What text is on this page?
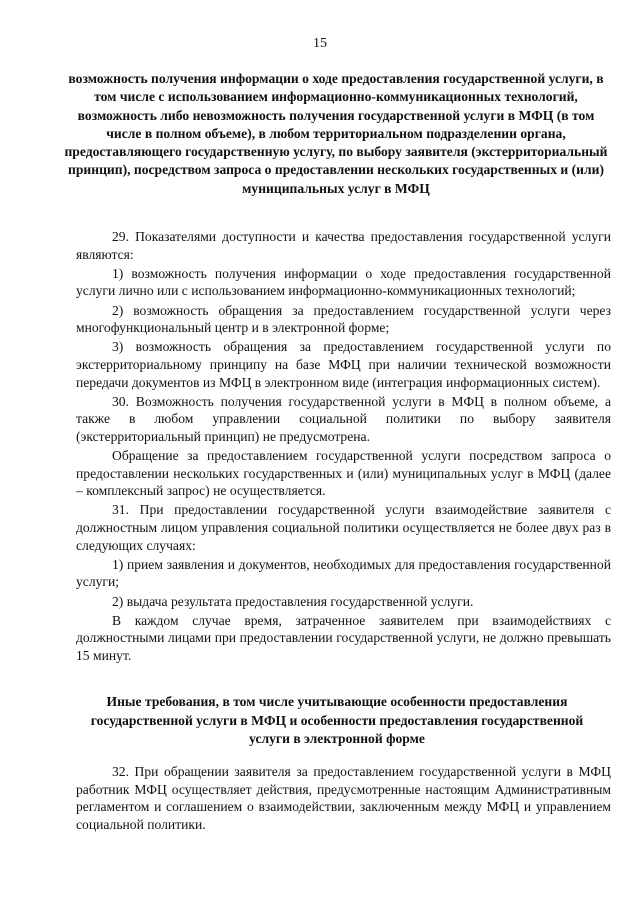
15
возможность получения информации о ходе предоставления государственной услуги, в том числе с использованием информационно-коммуникационных технологий, возможность либо невозможность получения государственной услуги в МФЦ (в том числе в полном объеме), в любом территориальном подразделении органа, предоставляющего государственную услугу, по выбору заявителя (экстерриториальный принцип), посредством запроса о предоставлении нескольких государственных и (или) муниципальных услуг в МФЦ

29. Показателями доступности и качества предоставления государственной услуги являются:

1) возможность получения информации о ходе предоставления государственной услуги лично или с использованием информационно-коммуникационных технологий;

2) возможность обращения за предоставлением государственной услуги через многофункциональный центр и в электронной форме;

3) возможность обращения за предоставлением государственной услуги по экстерриториальному принципу на базе МФЦ при наличии технической возможности передачи документов из МФЦ в электронном виде (интеграция информационных систем).

30. Возможность получения государственной услуги в МФЦ в полном объеме, а также в любом управлении социальной политики по выбору заявителя (экстерриториальный принцип) не предусмотрена.

Обращение за предоставлением государственной услуги посредством запроса о предоставлении нескольких государственных и (или) муниципальных услуг в МФЦ (далее – комплексный запрос) не осуществляется.

31. При предоставлении государственной услуги взаимодействие заявителя с должностным лицом управления социальной политики осуществляется не более двух раз в следующих случаях:

1) прием заявления и документов, необходимых для предоставления государственной услуги;

2) выдача результата предоставления государственной услуги.

В каждом случае время, затраченное заявителем при взаимодействиях с должностными лицами при предоставлении государственной услуги, не должно превышать 15 минут.

Иные требования, в том числе учитывающие особенности предоставления государственной услуги в МФЦ и особенности предоставления государственной услуги в электронной форме

32. При обращении заявителя за предоставлением государственной услуги в МФЦ работник МФЦ осуществляет действия, предусмотренные настоящим Административным регламентом и соглашением о взаимодействии, заключенным между МФЦ и управлением социальной политики.
